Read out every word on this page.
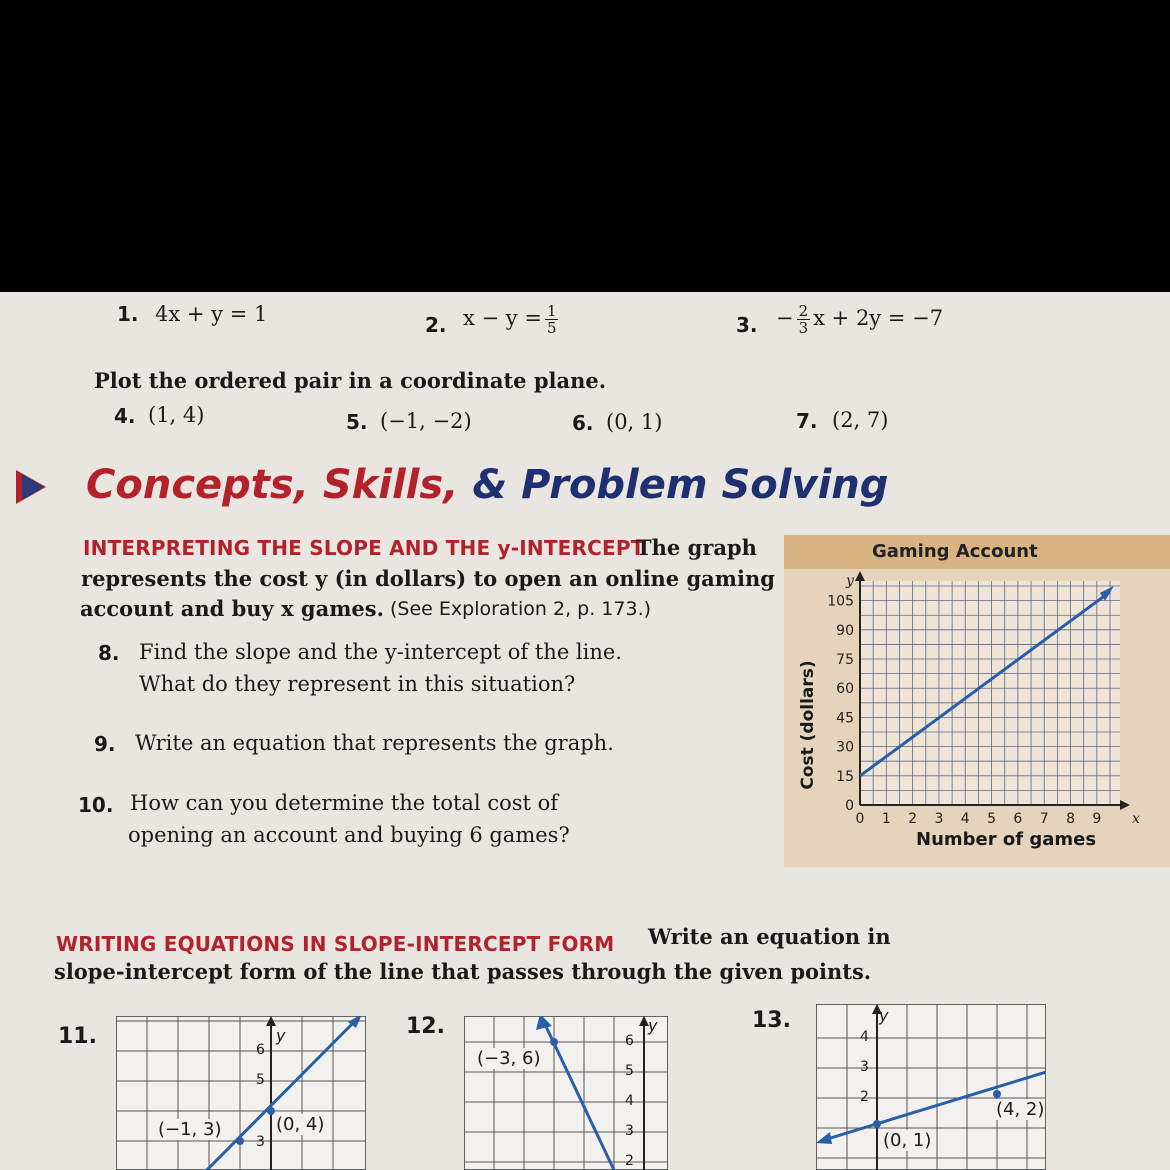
1. 4x + y = 1	2. $x - y = \frac{1}{5}$	3. − $\frac{2}{3}$ x + 2y = −7
Plot the ordered pair in a coordinate plane.
4. (1, 4)	5. (−1, −2)	6. (0, 1)	7. (2, 7)
Concepts, Skills, & Problem Solving
INTERPRETING THE SLOPE AND THE y-INTERCEPT
The graph
represents the cost y (in dollars) to open an online gaming
account and buy x games. (See Exploration 2, p. 173.)
8. Find the slope and the y-intercept of the line.
What do they represent in this situation?
9. Write an equation that represents the graph.
10. How can you determine the total cost of
opening an account and buying 6 games?
Gaming Account
Cost (dollars)
Number of games
0
15
30
45
60
75
90
105
0 1 2 3 4 5 6 7 8 9
y
x
WRITING EQUATIONS IN SLOPE-INTERCEPT FORM Write an equation in
slope-intercept form of the line that passes through the given points.
11.	y
6
5
3
(−1, 3)	(0, 4)
12.	y
6
5
4
3
2
(−3, 6)
13.	y
4
3
2
(0, 1)
(4, 2)
